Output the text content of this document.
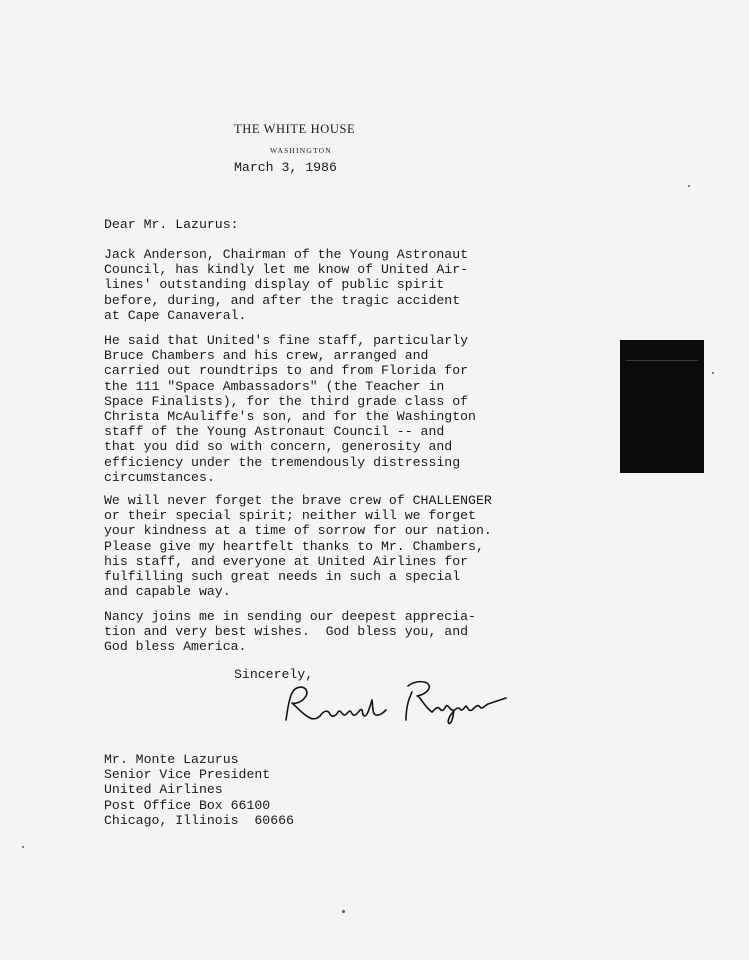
THE WHITE HOUSE
WASHINGTON
March 3, 1986
Dear Mr. Lazurus:
Jack Anderson, Chairman of the Young Astronaut
Council, has kindly let me know of United Air-
lines' outstanding display of public spirit
before, during, and after the tragic accident
at Cape Canaveral.
He said that United's fine staff, particularly
Bruce Chambers and his crew, arranged and
carried out roundtrips to and from Florida for
the 111 "Space Ambassadors" (the Teacher in
Space Finalists), for the third grade class of
Christa McAuliffe's son, and for the Washington
staff of the Young Astronaut Council -- and
that you did so with concern, generosity and
efficiency under the tremendously distressing
circumstances.
We will never forget the brave crew of CHALLENGER
or their special spirit; neither will we forget
your kindness at a time of sorrow for our nation.
Please give my heartfelt thanks to Mr. Chambers,
his staff, and everyone at United Airlines for
fulfilling such great needs in such a special
and capable way.
Nancy joins me in sending our deepest apprecia-
tion and very best wishes.  God bless you, and
God bless America.
Sincerely,
Mr. Monte Lazurus
Senior Vice President
United Airlines
Post Office Box 66100
Chicago, Illinois  60666
